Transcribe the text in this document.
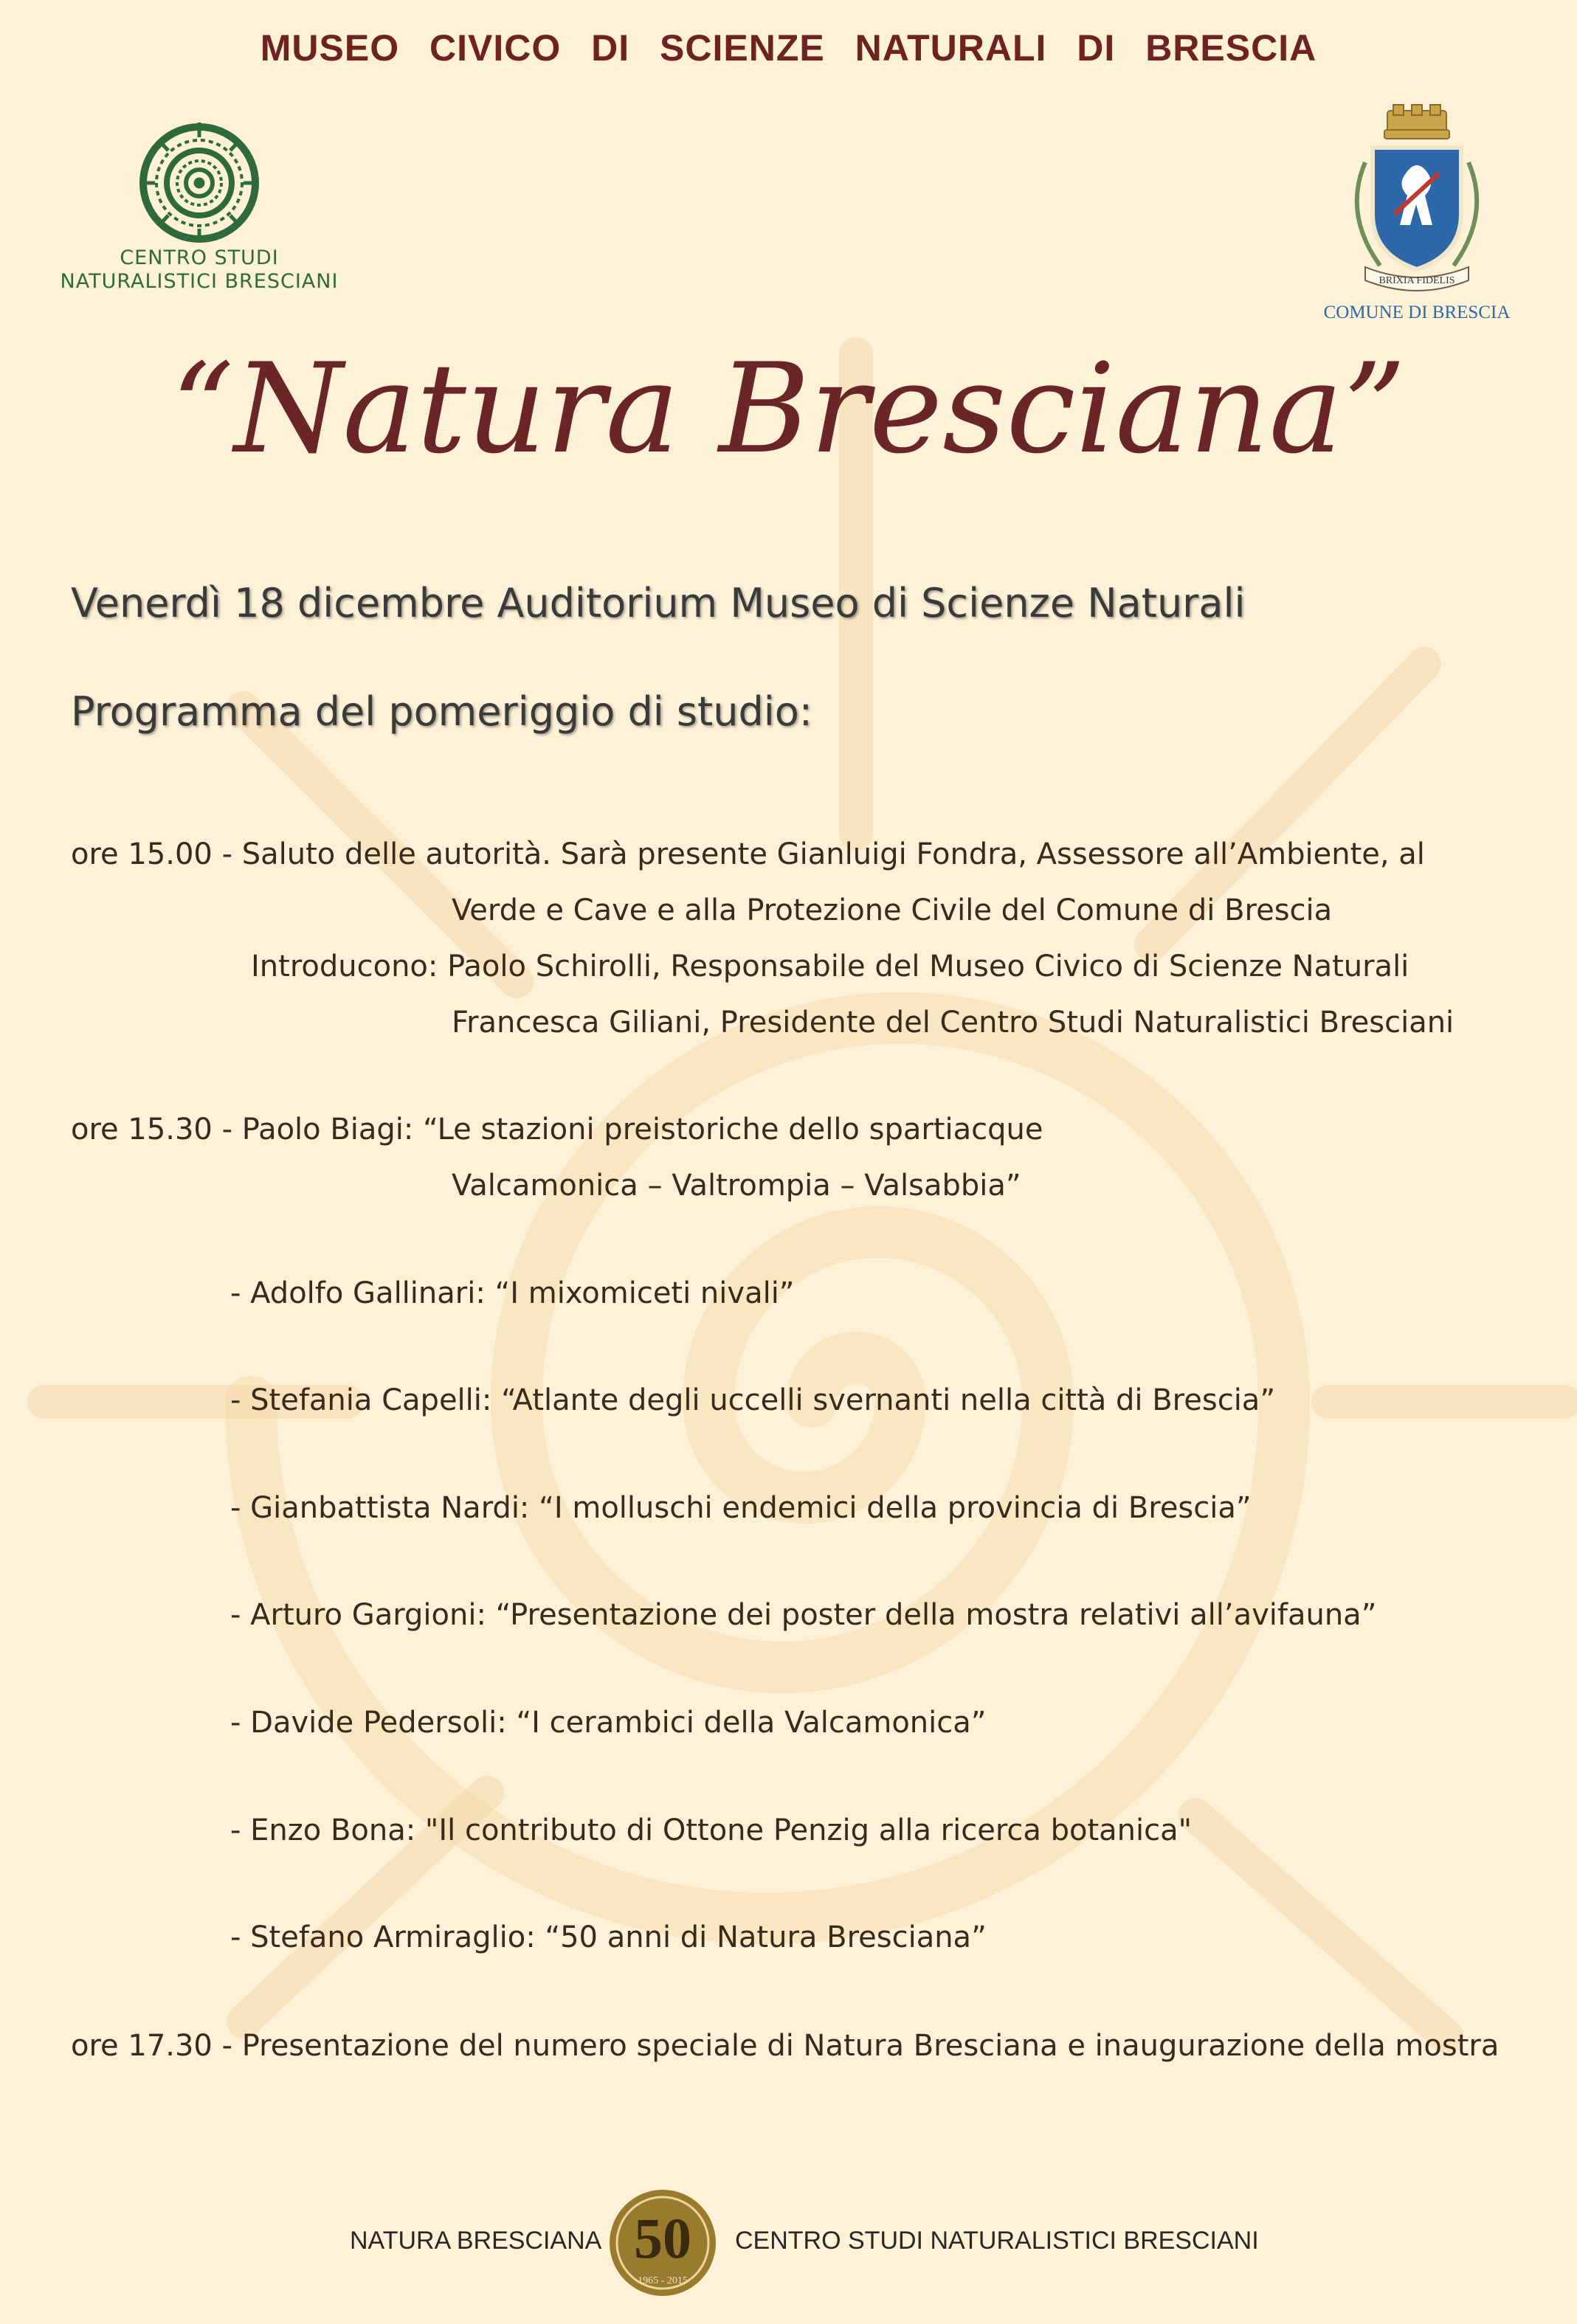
MUSEO CIVICO DI SCIENZE NATURALI DI BRESCIA
CENTRO STUDI
NATURALISTICI BRESCIANI	BRIXIA FIDELIS
COMUNE DI BRESCIA
“Natura Bresciana”
Venerdì 18 dicembre Auditorium Museo di Scienze Naturali
Programma del pomeriggio di studio:
ore 15.00 - Saluto delle autorità. Sarà presente Gianluigi Fondra, Assessore all’Ambiente, al
Verde e Cave e alla Protezione Civile del Comune di Brescia
Introducono: Paolo Schirolli, Responsabile del Museo Civico di Scienze Naturali
Francesca Giliani, Presidente del Centro Studi Naturalistici Bresciani
ore 15.30 - Paolo Biagi: “Le stazioni preistoriche dello spartiacque
Valcamonica – Valtrompia – Valsabbia”
- Adolfo Gallinari: “I mixomiceti nivali”
- Stefania Capelli: “Atlante degli uccelli svernanti nella città di Brescia”
- Gianbattista Nardi: “I molluschi endemici della provincia di Brescia”
- Arturo Gargioni: “Presentazione dei poster della mostra relativi all’avifauna”
- Davide Pedersoli: “I cerambici della Valcamonica”
- Enzo Bona: "Il contributo di Ottone Penzig alla ricerca botanica"
- Stefano Armiraglio: “50 anni di Natura Bresciana”
ore 17.30 - Presentazione del numero speciale di Natura Bresciana e inaugurazione della mostra
NATURA BRESCIANA 50
1965 - 2015
CENTRO STUDI NATURALISTICI BRESCIANI
